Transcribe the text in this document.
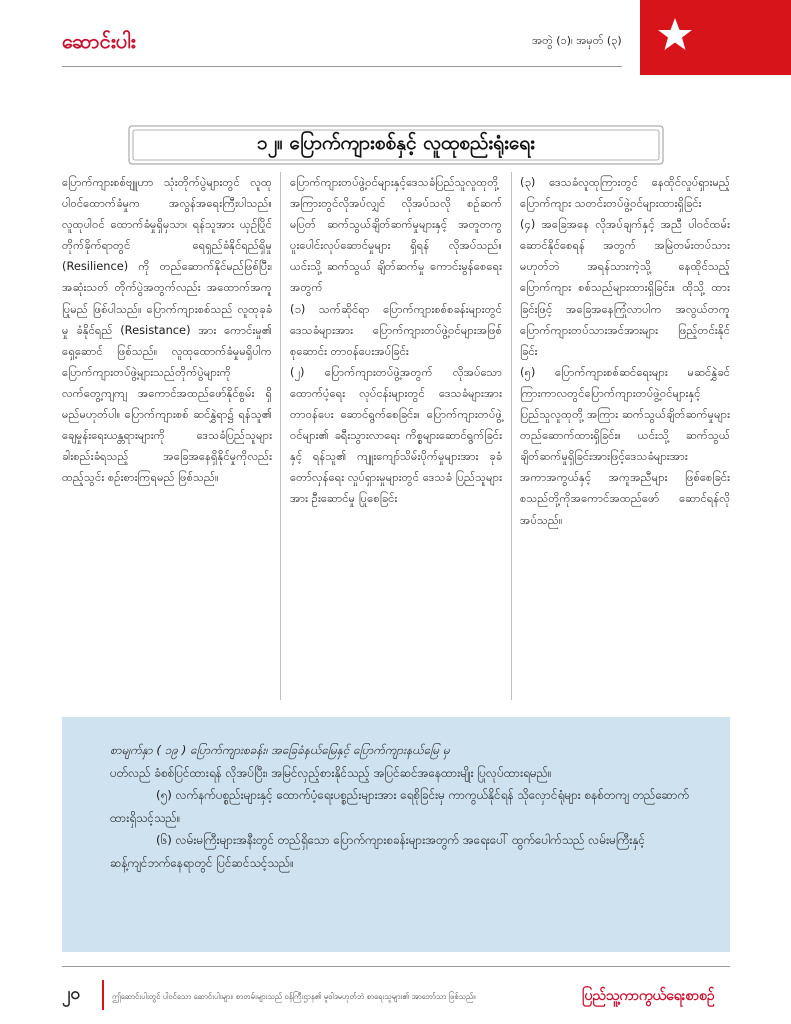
ဆောင်းပါး	အတွဲ (၁)၊ အမှတ် (၃)
၁၂။ ပြောက်ကျားစစ်နှင့် လူထုစည်းရုံးရေး

ပြောက်ကျားစစ်ဗျူဟာ သုံးတိုက်ပွဲများတွင် လူထုပါဝင်ထောက်ခံမှုက အလွန်အရေးကြီးပါသည်။ လူထုပါဝင် ထောက်ခံမှုရှိမှသာ၊ ရန်သူအား ယှဉ်ပြိုင်တိုက်ခိုက်ရာတွင် ရေရှည်ခံနိုင်ရည်ရှိမှု (Resilience) ကို တည်ဆောက်နိုင်မည်ဖြစ်ပြီး၊ အဆုံးသတ် တိုက်ပွဲအတွက်လည်း အထောက်အကူပြုမည် ဖြစ်ပါသည်။ ပြောက်ကျားစစ်သည် လူထုခုခံမှု ခံနိုင်ရည် (Resistance) အား ကောင်းမှု၏ ရှေ့ဆောင် ဖြစ်သည်။ လူထုထောက်ခံမှုမရှိပါက ပြောက်ကျားတပ်ဖွဲ့များသည်တိုက်ပွဲများကို လက်တွေ့ကျကျ အကောင်အထည်ဖော်နိုင်စွမ်း ရှိမည်မဟုတ်ပါ။ ပြောက်ကျားစစ် ဆင်နွှဲရာ၌ ရန်သူ၏ ချေမှုန်းရေးယန္တရားများကို ဒေသခံပြည်သူများ ခါးစည်းခံရသည့် အခြေအနေရှိနိုင်မှုကိုလည်း ထည့်သွင်း စဉ်းစားကြရမည် ဖြစ်သည်။

ပြောက်ကျားတပ်ဖွဲ့ဝင်များနှင့်ဒေသခံပြည်သူလူထုတို့အကြားတွင်လိုအပ်လျှင် လိုအပ်သလို စဉ်ဆက်မပြတ် ဆက်သွယ်ချိတ်ဆက်မှုများနှင့် အတူတကွ ပူးပေါင်းလုပ်ဆောင်မှုများ ရှိရန် လိုအပ်သည်။ ယင်းသို့ ဆက်သွယ် ချိတ်ဆက်မှု ကောင်းမွန်စေရေးအတွက်

(၁) သက်ဆိုင်ရာ ပြောက်ကျားစစ်စခန်းများတွင် ဒေသခံများအား ပြောက်ကျားတပ်ဖွဲ့ဝင်များအဖြစ် စုဆောင်း တာဝန်ပေးအပ်ခြင်း

(၂) ပြောက်ကျားတပ်ဖွဲ့အတွက် လိုအပ်သော ထောက်ပံ့ရေး လုပ်ငန်းများတွင် ဒေသခံများအား တာဝန်ပေး ဆောင်ရွက်စေခြင်း။ ပြောက်ကျားတပ်ဖွဲ့ဝင်များ၏ ခရီးသွားလာရေး ကိစ္စများဆောင်ရွက်ခြင်းနှင့် ရန်သူ၏ ကျူးကျော်သိမ်းပိုက်မှုများအား ခုခံတော်လှန်ရေး လှုပ်ရှားမှုများတွင် ဒေသခံ ပြည်သူများအား ဦးဆောင်မှု ပြုစေခြင်း

(၃) ဒေသခံလူထုကြားတွင် နေထိုင်လှုပ်ရှားမည့် ပြောက်ကျား သတင်းတပ်ဖွဲ့ဝင်များထားရှိခြင်း

(၄) အခြေအနေ လိုအပ်ချက်နှင့် အညီ ပါဝင်ထမ်း ဆောင်နိုင်စေရန် အတွက် အမြဲတမ်းတပ်သား မဟုတ်ဘဲ အရန်သားကဲ့သို့ နေထိုင်သည့် ပြောက်ကျား စစ်သည်များထားရှိခြင်း။ ထိုသို့ ထားခြင်းဖြင့် အခြေအနေကြုံလာပါက အလွယ်တကူ ပြောက်ကျားတပ်သားအင်အားများ ဖြည့်တင်းနိုင်ခြင်း

(၅) ပြောက်ကျားစစ်ဆင်ရေးများ မဆင်နွှဲခင်ကြားကာလတွင်ပြောက်ကျားတပ်ဖွဲ့ဝင်များနှင့်ပြည်သူလူထုတို့ အကြား ဆက်သွယ်ချိတ်ဆက်မှုများ တည်ဆောက်ထားရှိခြင်း။ ယင်းသို့ ဆက်သွယ်ချိတ်ဆက်မှုရှိခြင်းအားဖြင့်ဒေသခံများအား အကာအကွယ်နှင့် အကူအညီများ ဖြစ်စေခြင်းစသည်တို့ကိုအကောင်အထည်ဖော် ဆောင်ရန်လိုအပ်သည်။

စာမျက်နှာ ( ၁၉ ) ပြောက်ကျားစခန်း၊ အခြေခံနယ်မြေနှင့် ပြောက်ကျားနယ်မြေ မှ

ပတ်လည် ခံစစ်ပြင်ထားရန် လိုအပ်ပြီး၊ အမြင်လှည့်စားနိုင်သည့် အပြင်ဆင်အနေထားမျိုး ပြုလုပ်ထားရမည်။

(၅) လက်နက်ပစ္စည်းများနှင့် ထောက်ပံ့ရေးပစ္စည်းများအား ရေစိုခြင်းမှ ကာကွယ်နိုင်ရန် သိုလှောင်ရုံများ စနစ်တကျ တည်ဆောက်ထားရှိသင့်သည်။

(၆) လမ်းမကြီးများအနီးတွင် တည်ရှိသော ပြောက်ကျားစခန်းများအတွက် အရေးပေါ် ထွက်ပေါက်သည် လမ်းမကြီးနှင့် ဆန့်ကျင်ဘက်နေရာတွင် ပြင်ဆင်သင့်သည်။

၂၀	ဤဆောင်းပါးတွင် ပါဝင်သော ဆောင်းပါးများ၊ စာတမ်းများသည် ဝန်ကြီးဌာန၏ မူဝါဒမဟုတ်ဘဲ စာရေးသူများ၏ အာဘော်သာ ဖြစ်သည်။	ပြည်သူ့ကာကွယ်ရေးစာစဉ်
